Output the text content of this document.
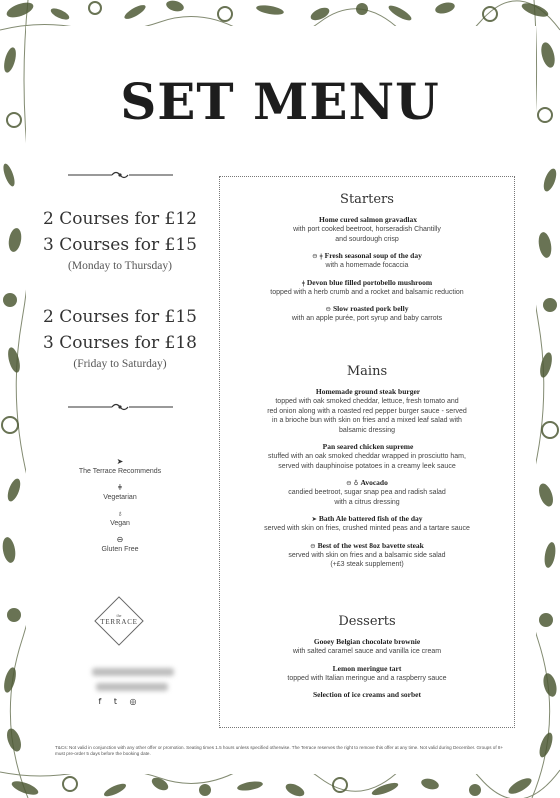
SET MENU
2 Courses for £12
3 Courses for £15
(Monday to Thursday)
2 Courses for £15
3 Courses for £18
(Friday to Saturday)
➤
The Terrace Recommends
ǂ
Vegetarian
♁
Vegan
⊖
Gluten Free
the
TERRACE
f t ◎
Starters
Home cured salmon gravadlax
with port cooked beetroot, horseradish Chantilly
and sourdough crisp
⊖ ǂ Fresh seasonal soup of the day
with a homemade focaccia
ǂ Devon blue filled portobello mushroom
topped with a herb crumb and a rocket and balsamic reduction
⊖ Slow roasted pork belly
with an apple purée, port syrup and baby carrots
Mains
Homemade ground steak burger
topped with oak smoked cheddar, lettuce, fresh tomato and
red onion along with a roasted red pepper burger sauce - served
in a brioche bun with skin on fries and a mixed leaf salad with
balsamic dressing
Pan seared chicken supreme
stuffed with an oak smoked cheddar wrapped in prosciutto ham,
served with dauphinoise potatoes in a creamy leek sauce
⊖ ♁ Avocado
candied beetroot, sugar snap pea and radish salad
with a citrus dressing
➤ Bath Ale battered fish of the day
served with skin on fries, crushed minted peas and a tartare sauce
⊖ Best of the west 8oz bavette steak
served with skin on fries and a balsamic side salad
(+£3 steak supplement)
Desserts
Gooey Belgian chocolate brownie
with salted caramel sauce and vanilla ice cream
Lemon meringue tart
topped with Italian meringue and a raspberry sauce
Selection of ice creams and sorbet
T&Cs: Not valid in conjunction with any other offer or promotion. Seating times 1.5 hours unless specified otherwise. The Terrace reserves the right to remove this offer at any time. Not valid during December. Groups of 8+ must pre-order 5 days before the booking date.
